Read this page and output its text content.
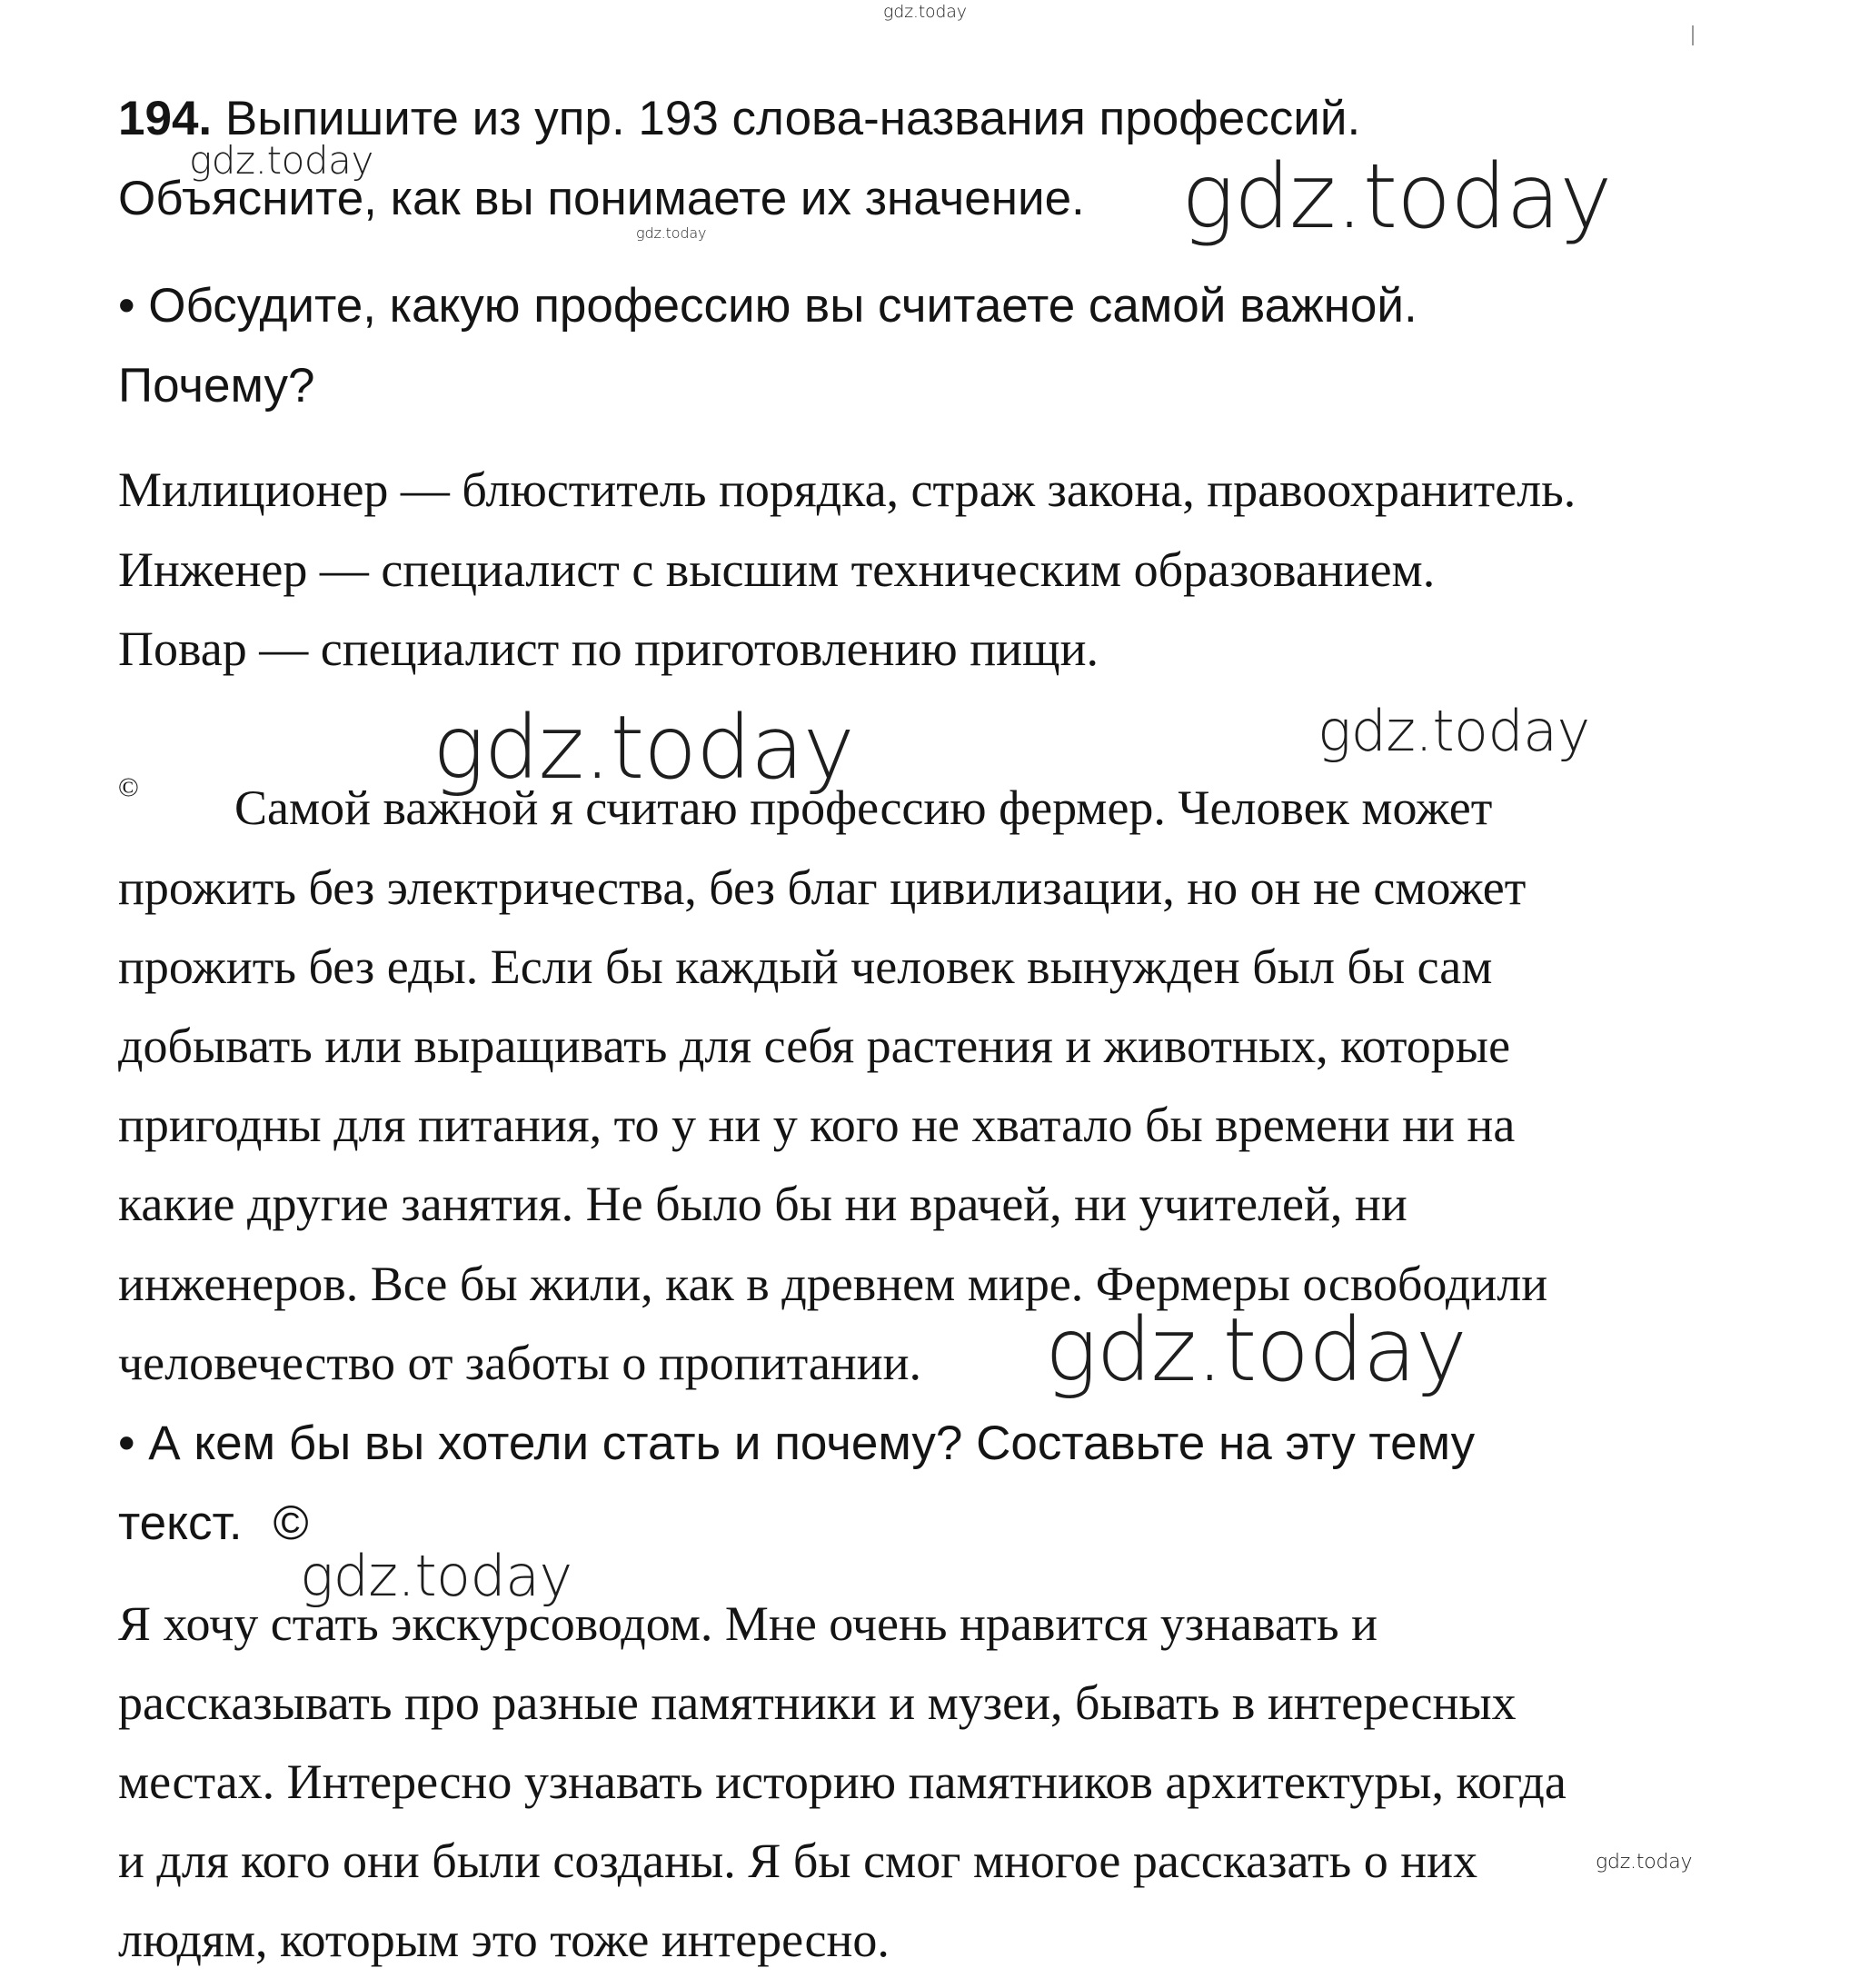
gdz.today
194. Выпишите из упр. 193 слова-названия профессий.
Объясните, как вы понимаете их значение.
gdz.today	gdz.today
gdz.today
• Обсудите, какую профессию вы считаете самой важной.
Почему?
Милиционер — блюститель порядка, страж закона, правоохранитель.
Инженер — специалист с высшим техническим образованием.
Повар — специалист по приготовлению пищи.
gdz.today	gdz.today
© Самой важной я считаю профессию фермер. Человек может
прожить без электричества, без благ цивилизации, но он не сможет
прожить без еды. Если бы каждый человек вынужден был бы сам
добывать или выращивать для себя растения и животных, которые
пригодны для питания, то у ни у кого не хватало бы времени ни на
какие другие занятия. Не было бы ни врачей, ни учителей, ни
инженеров. Все бы жили, как в древнем мире. Фермеры освободили
человечество от заботы о пропитании. gdz.today
• А кем бы вы хотели стать и почему? Составьте на эту тему
текст. ©
gdz.today
Я хочу стать экскурсоводом. Мне очень нравится узнавать и
рассказывать про разные памятники и музеи, бывать в интересных
местах. Интересно узнавать историю памятников архитектуры, когда
и для кого они были созданы. Я бы смог многое рассказать о них
людям, которым это тоже интересно.
gdz.today
